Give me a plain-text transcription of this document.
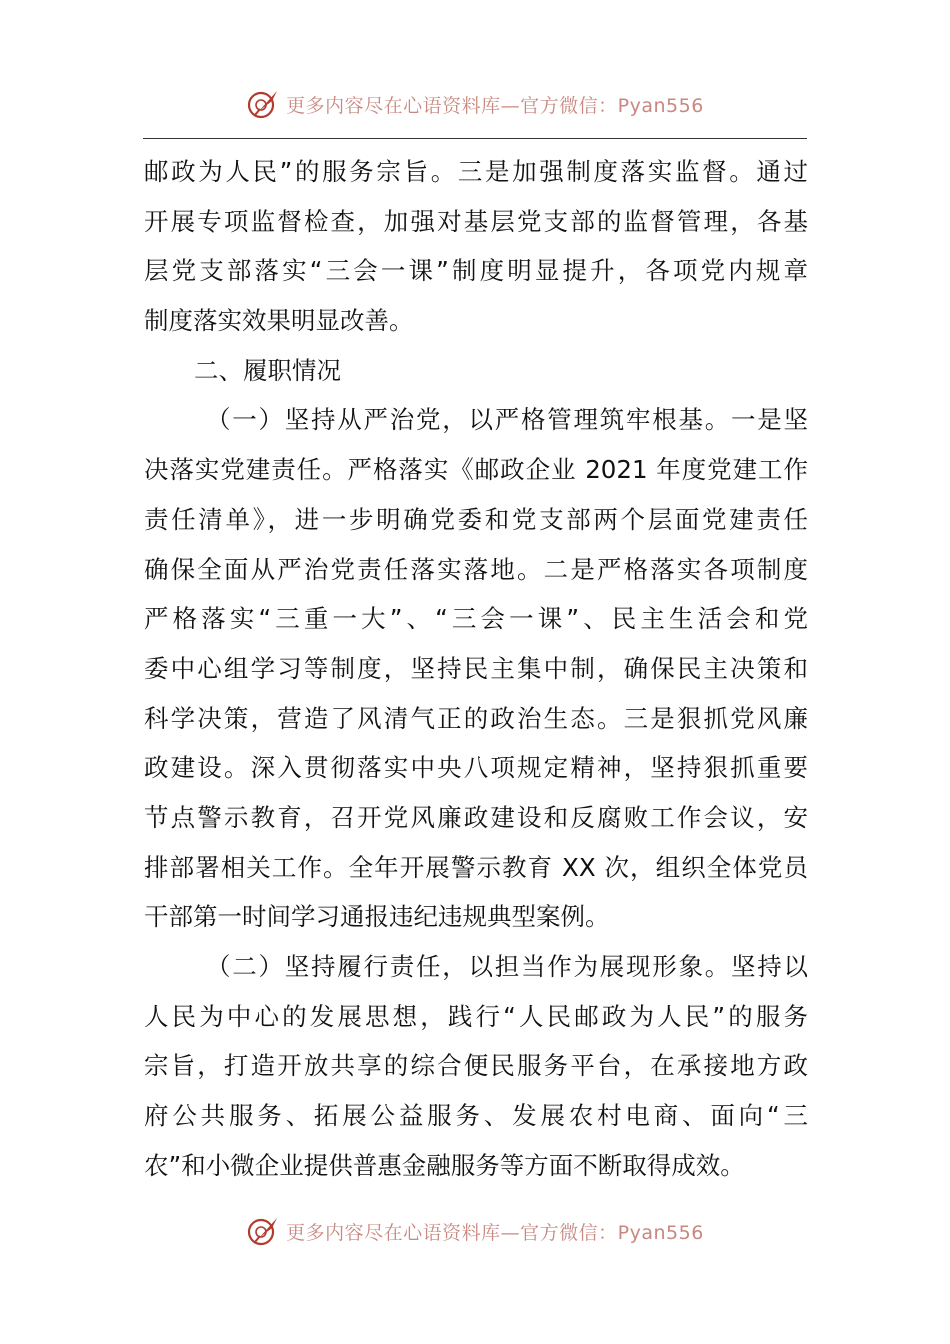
更多内容尽在心语资料库—官方微信：Pyan556
邮政为人民”的服务宗旨。三是加强制度落实监督。通过
开展专项监督检查，加强对基层党支部的监督管理，各基
层党支部落实“三会一课”制度明显提升，各项党内规章
制度落实效果明显改善。
二、履职情况
（一）坚持从严治党，以严格管理筑牢根基。一是坚
决落实党建责任。严格落实《邮政企业 2021 年度党建工作
责任清单》，进一步明确党委和党支部两个层面党建责任
确保全面从严治党责任落实落地。二是严格落实各项制度
严格落实“三重一大”、“三会一课”、民主生活会和党
委中心组学习等制度，坚持民主集中制，确保民主决策和
科学决策，营造了风清气正的政治生态。三是狠抓党风廉
政建设。深入贯彻落实中央八项规定精神，坚持狠抓重要
节点警示教育，召开党风廉政建设和反腐败工作会议，安
排部署相关工作。全年开展警示教育 XX 次，组织全体党员
干部第一时间学习通报违纪违规典型案例。
（二）坚持履行责任，以担当作为展现形象。坚持以
人民为中心的发展思想，践行“人民邮政为人民”的服务
宗旨，打造开放共享的综合便民服务平台，在承接地方政
府公共服务、拓展公益服务、发展农村电商、面向“三
农”和小微企业提供普惠金融服务等方面不断取得成效。
更多内容尽在心语资料库—官方微信：Pyan556
